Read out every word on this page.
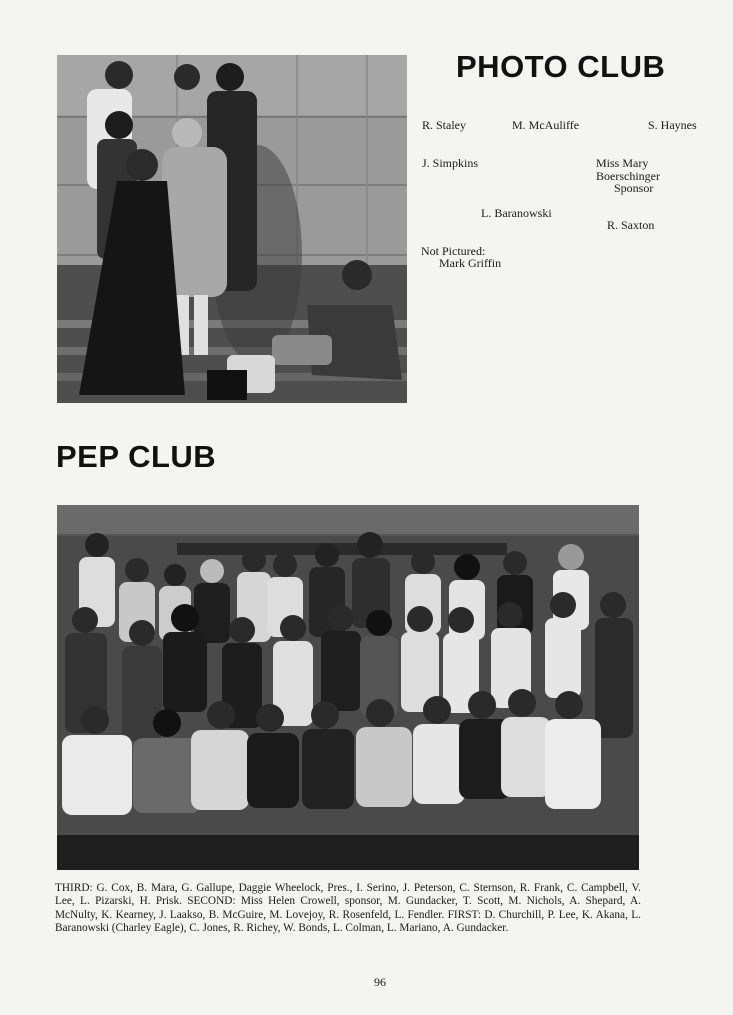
PHOTO CLUB
R. Staley	M. McAuliffe	S. Haynes
J. Simpkins	Miss Mary
Boerschinger
Sponsor
L. Baranowski
R. Saxton
Not Pictured:
Mark Griffin
PEP CLUB

THIRD: G. Cox, B. Mara, G. Gallupe, Daggie Wheelock, Pres., I. Serino, J. Peterson, C. Sternson, R. Frank, C. Campbell, V. Lee, L. Pizarski, H. Prisk. SECOND: Miss Helen Crowell, sponsor, M. Gundacker, T. Scott, M. Nichols, A. Shepard, A. McNulty, K. Kearney, J. Laakso, B. McGuire, M. Lovejoy, R. Rosenfeld, L. Fendler. FIRST: D. Churchill, P. Lee, K. Akana, L. Baranowski (Charley Eagle), C. Jones, R. Richey, W. Bonds, L. Colman, L. Mariano, A. Gundacker.

96
